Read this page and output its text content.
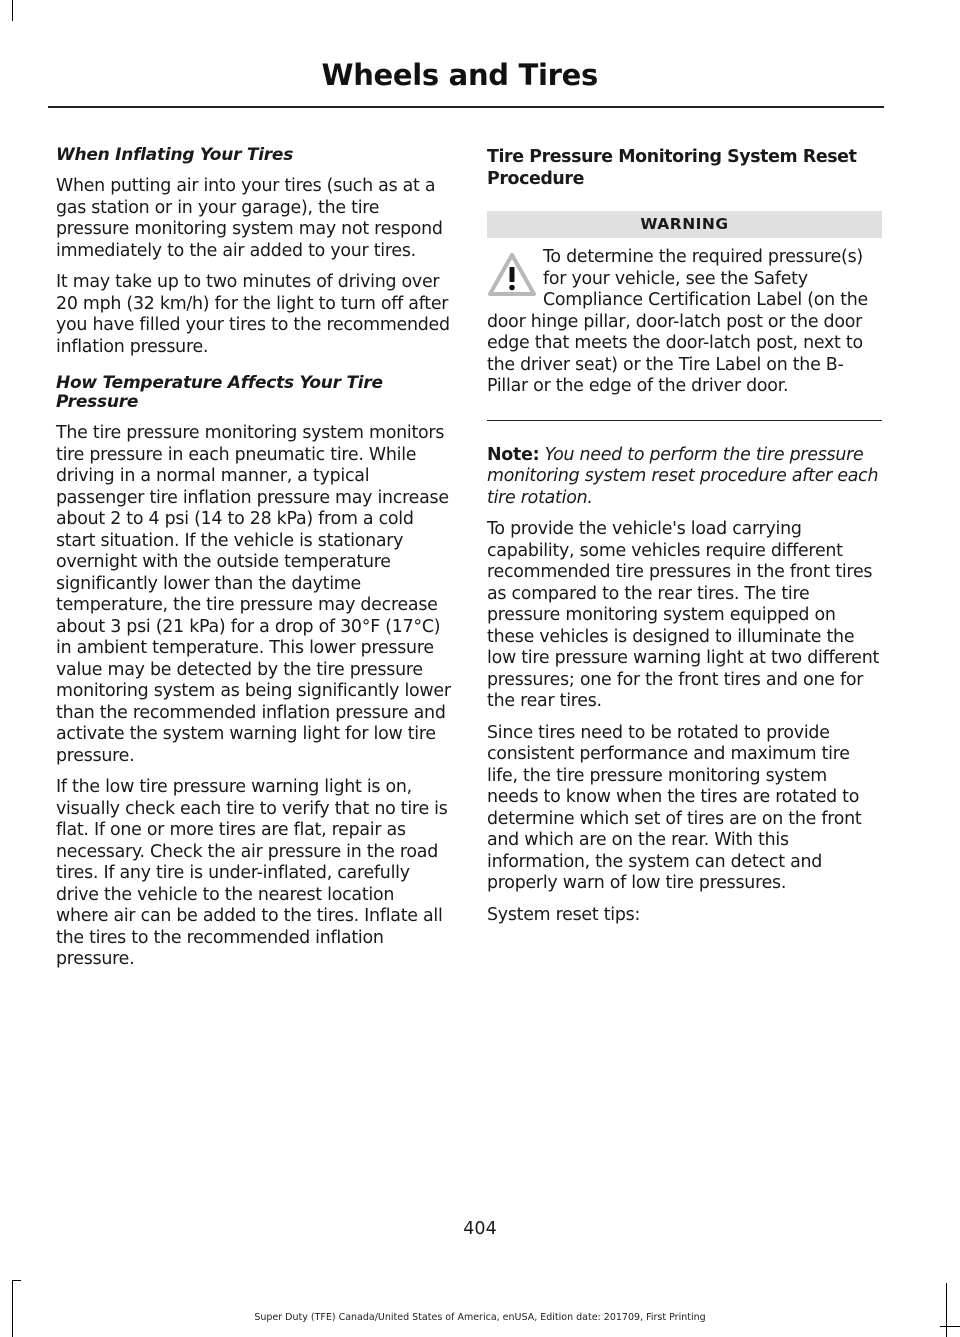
Wheels and Tires
When Inflating Your Tires

When putting air into your tires (such as at a gas station or in your garage), the tire pressure monitoring system may not respond immediately to the air added to your tires.

It may take up to two minutes of driving over 20 mph (32 km/h) for the light to turn off after you have filled your tires to the recommended inflation pressure.

How Temperature Affects Your Tire Pressure

The tire pressure monitoring system monitors tire pressure in each pneumatic tire. While driving in a normal manner, a typical passenger tire inflation pressure may increase about 2 to 4 psi (14 to 28 kPa) from a cold start situation. If the vehicle is stationary overnight with the outside temperature significantly lower than the daytime temperature, the tire pressure may decrease about 3 psi (21 kPa) for a drop of 30°F (17°C) in ambient temperature. This lower pressure value may be detected by the tire pressure monitoring system as being significantly lower than the recommended inflation pressure and activate the system warning light for low tire pressure.

If the low tire pressure warning light is on, visually check each tire to verify that no tire is flat. If one or more tires are flat, repair as necessary. Check the air pressure in the road tires. If any tire is under-inflated, carefully drive the vehicle to the nearest location where air can be added to the tires. Inflate all the tires to the recommended inflation pressure.

Tire Pressure Monitoring System Reset Procedure
WARNING

To determine the required pressure(s) for your vehicle, see the Safety Compliance Certification Label (on the door hinge pillar, door-latch post or the door edge that meets the door-latch post, next to the driver seat) or the Tire Label on the B-Pillar or the edge of the driver door.

Note: You need to perform the tire pressure monitoring system reset procedure after each tire rotation.

To provide the vehicle's load carrying capability, some vehicles require different recommended tire pressures in the front tires as compared to the rear tires. The tire pressure monitoring system equipped on these vehicles is designed to illuminate the low tire pressure warning light at two different pressures; one for the front tires and one for the rear tires.

Since tires need to be rotated to provide consistent performance and maximum tire life, the tire pressure monitoring system needs to know when the tires are rotated to determine which set of tires are on the front and which are on the rear. With this information, the system can detect and properly warn of low tire pressures.

System reset tips:

404
Super Duty (TFE) Canada/United States of America, enUSA, Edition date: 201709, First Printing
